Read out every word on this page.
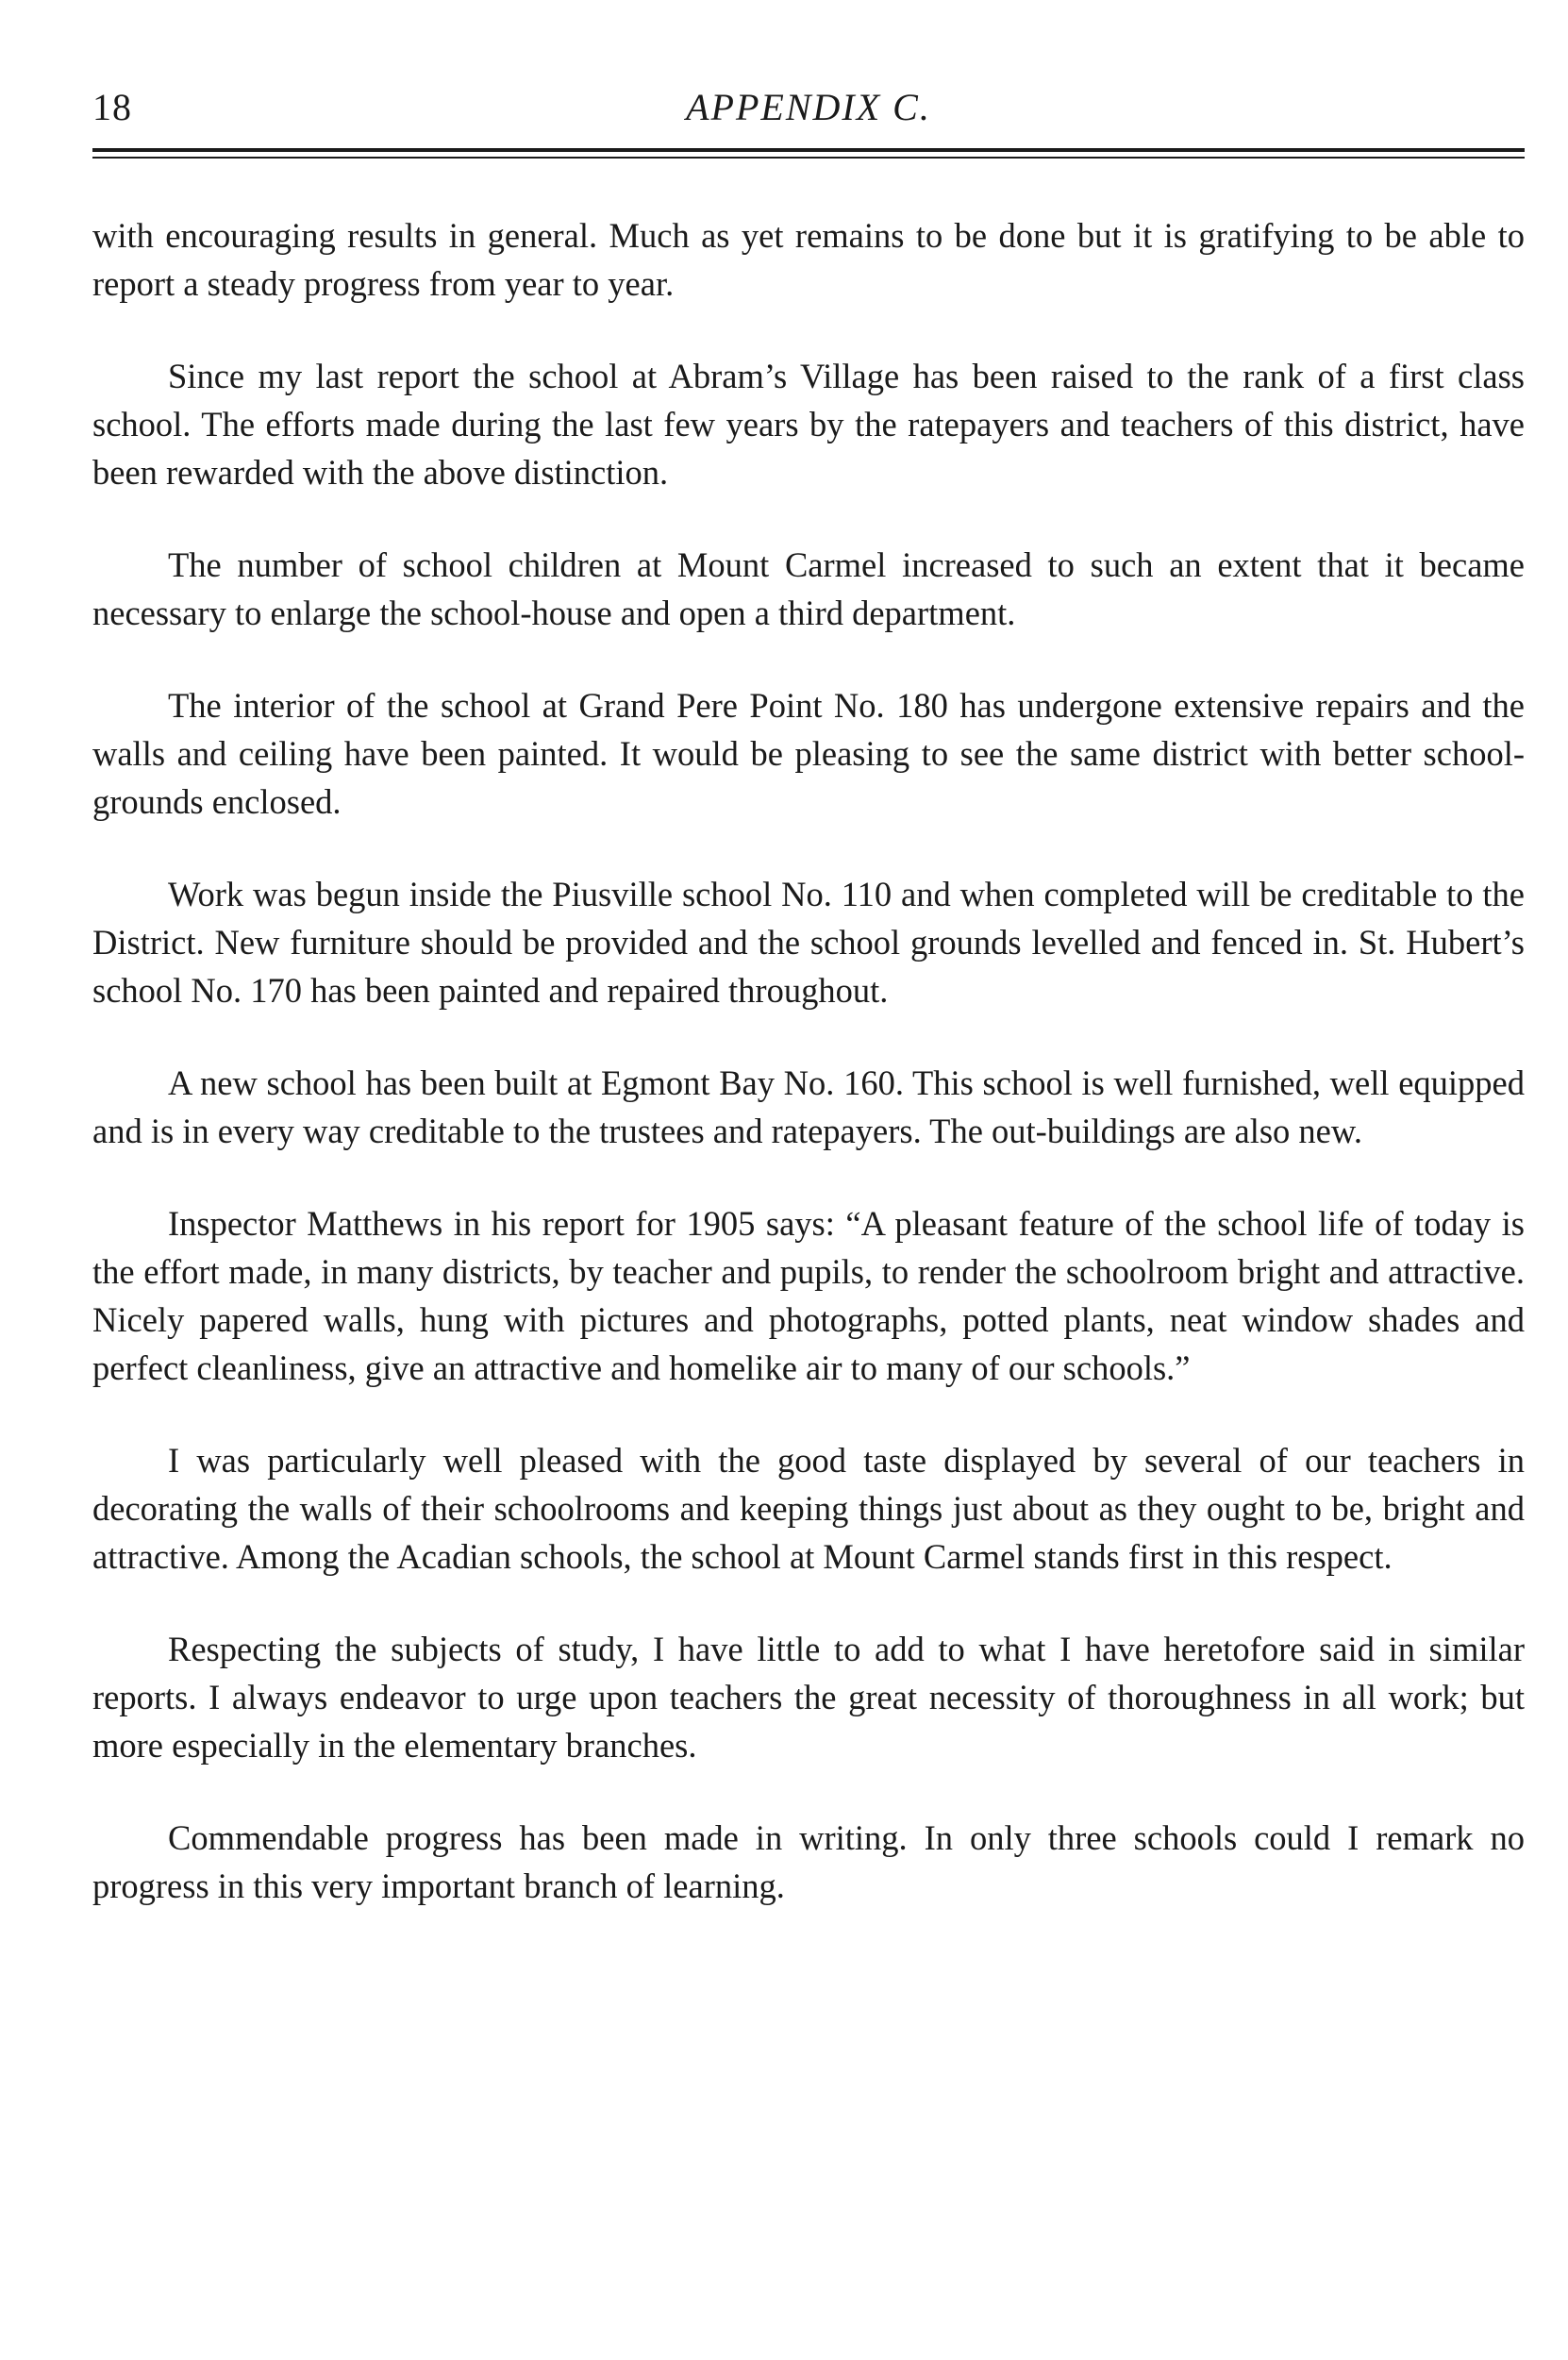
18	APPENDIX C.

with encouraging results in general. Much as yet remains to be done but it is gratifying to be able to report a steady progress from year to year.

Since my last report the school at Abram’s Village has been raised to the rank of a first class school. The efforts made during the last few years by the ratepayers and teachers of this district, have been rewarded with the above distinction.

The number of school children at Mount Carmel increased to such an extent that it became necessary to enlarge the school-house and open a third department.

The interior of the school at Grand Pere Point No. 180 has undergone extensive repairs and the walls and ceiling have been painted. It would be pleasing to see the same district with better school-grounds enclosed.

Work was begun inside the Piusville school No. 110 and when completed will be creditable to the District. New furniture should be provided and the school grounds levelled and fenced in. St. Hubert’s school No. 170 has been painted and repaired throughout.

A new school has been built at Egmont Bay No. 160. This school is well furnished, well equipped and is in every way creditable to the trustees and ratepayers. The out-buildings are also new.

Inspector Matthews in his report for 1905 says: “A pleasant feature of the school life of today is the effort made, in many districts, by teacher and pupils, to render the schoolroom bright and attractive. Nicely papered walls, hung with pictures and photographs, potted plants, neat window shades and perfect cleanliness, give an attractive and homelike air to many of our schools.”

I was particularly well pleased with the good taste displayed by several of our teachers in decorating the walls of their schoolrooms and keeping things just about as they ought to be, bright and attractive. Among the Acadian schools, the school at Mount Carmel stands first in this respect.

Respecting the subjects of study, I have little to add to what I have heretofore said in similar reports. I always endeavor to urge upon teachers the great necessity of thoroughness in all work; but more especially in the elementary branches.

Commendable progress has been made in writing. In only three schools could I remark no progress in this very important branch of learning.
